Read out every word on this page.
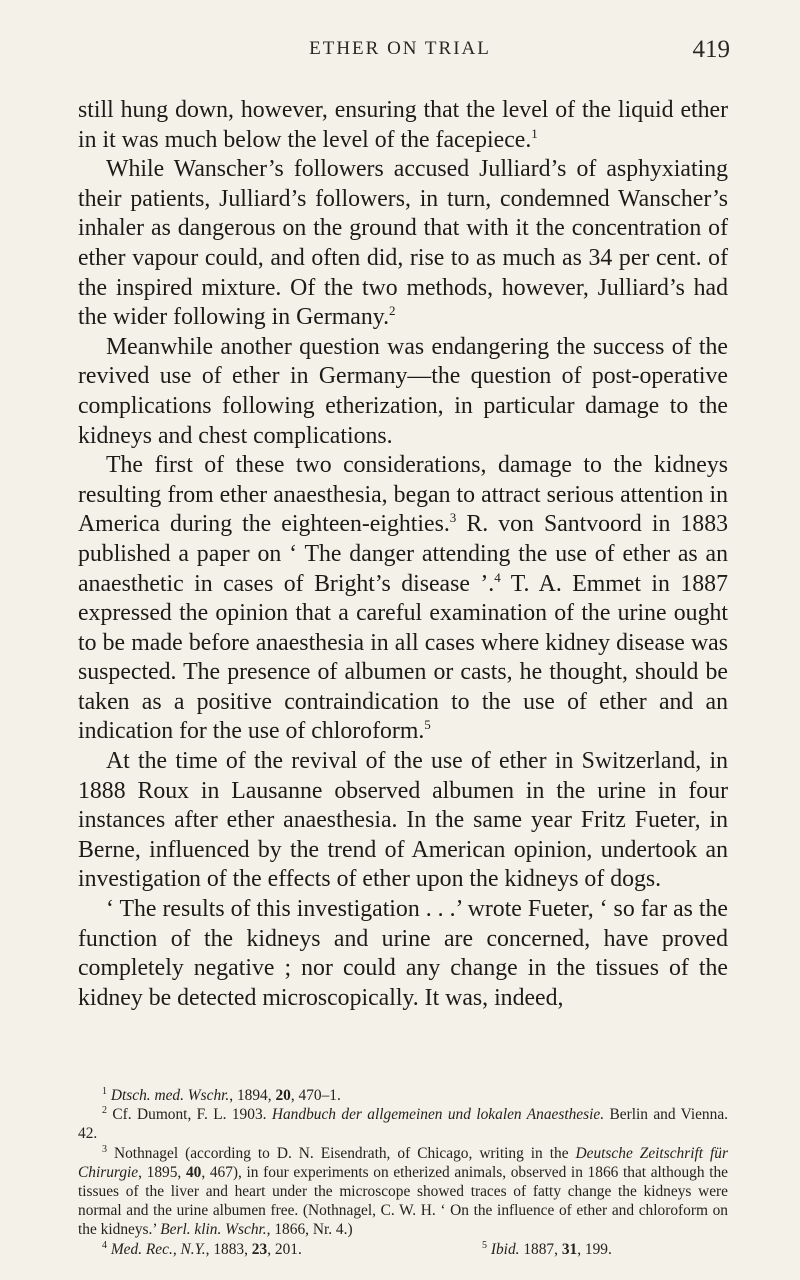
ETHER ON TRIAL	419

still hung down, however, ensuring that the level of the liquid ether in it was much below the level of the facepiece.$^1$

While Wanscher’s followers accused Julliard’s of asphyxiating their patients, Julliard’s followers, in turn, condemned Wanscher’s inhaler as dangerous on the ground that with it the concentration of ether vapour could, and often did, rise to as much as 34 per cent. of the inspired mixture. Of the two methods, however, Julliard’s had the wider following in Germany.$^2$

Meanwhile another question was endangering the success of the revived use of ether in Germany—the question of post-operative complications following etherization, in particular damage to the kidneys and chest complications.

The first of these two considerations, damage to the kidneys resulting from ether anaesthesia, began to attract serious attention in America during the eighteen-eighties.$^3$ R. von Santvoord in 1883 published a paper on ‘ The danger attending the use of ether as an anaesthetic in cases of Bright’s disease ’.$^4$ T. A. Emmet in 1887 expressed the opinion that a careful examination of the urine ought to be made before anaesthesia in all cases where kidney disease was suspected. The presence of albumen or casts, he thought, should be taken as a positive contraindication to the use of ether and an indication for the use of chloroform.$^5$

At the time of the revival of the use of ether in Switzerland, in 1888 Roux in Lausanne observed albumen in the urine in four instances after ether anaesthesia. In the same year Fritz Fueter, in Berne, influenced by the trend of American opinion, undertook an investigation of the effects of ether upon the kidneys of dogs.

‘ The results of this investigation . . .’ wrote Fueter, ‘ so far as the function of the kidneys and urine are concerned, have proved completely negative ; nor could any change in the tissues of the kidney be detected microscopically. It was, indeed,

$^1$ Dtsch. med. Wschr., 1894, 20, 470–1.

$^2$ Cf. Dumont, F. L. 1903. Handbuch der allgemeinen und lokalen Anaesthesie. Berlin and Vienna. 42.

$^3$ Nothnagel (according to D. N. Eisendrath, of Chicago, writing in the Deutsche Zeitschrift für Chirurgie, 1895, 40, 467), in four experiments on etherized animals, observed in 1866 that although the tissues of the liver and heart under the microscope showed traces of fatty change the kidneys were normal and the urine albumen free. (Nothnagel, C. W. H. ‘ On the influence of ether and chloroform on the kidneys.’ Berl. klin. Wschr., 1866, Nr. 4.)

$^4$ Med. Rec., N.Y., 1883, 23, 201.	$^5$ Ibid. 1887, 31, 199.
